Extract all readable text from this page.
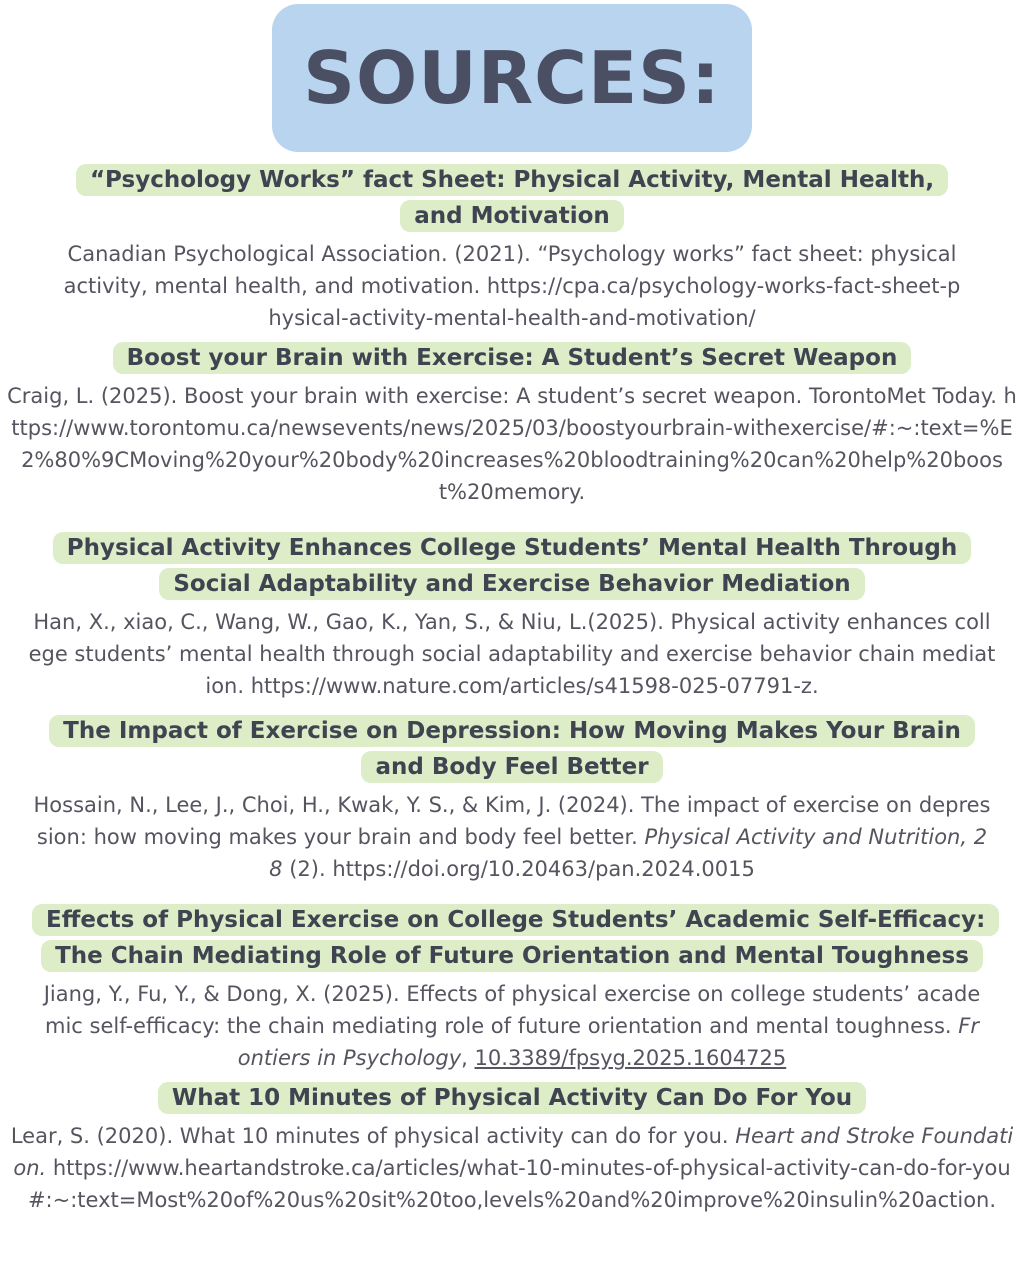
SOURCES:
“Psychology Works” fact Sheet: Physical Activity, Mental Health, and Motivation
Canadian Psychological Association. (2021). “Psychology works” fact sheet: physical activity, mental health, and motivation. https://cpa.ca/psychology-works-fact-sheet-physical-activity-mental-health-and-motivation/
Boost your Brain with Exercise: A Student’s Secret Weapon
Craig, L. (2025). Boost your brain with exercise: A student’s secret weapon. TorontoMet Today. https://www.torontomu.ca/newsevents/news/2025/03/boostyourbrain-withexercise/#:~:text=%E2%80%9CMoving%20your%20body%20increases%20bloodtraining%20can%20help%20boost%20memory.
Physical Activity Enhances College Students’ Mental Health Through Social Adaptability and Exercise Behavior Mediation
Han, X., xiao, C., Wang, W., Gao, K., Yan, S., & Niu, L.(2025). Physical activity enhances college students’ mental health through social adaptability and exercise behavior chain mediation. https://www.nature.com/articles/s41598-025-07791-z.
The Impact of Exercise on Depression: How Moving Makes Your Brain and Body Feel Better
Hossain, N., Lee, J., Choi, H., Kwak, Y. S., & Kim, J. (2024). The impact of exercise on depression: how moving makes your brain and body feel better. Physical Activity and Nutrition, 28 (2). https://doi.org/10.20463/pan.2024.0015
Effects of Physical Exercise on College Students’ Academic Self-Efficacy: The Chain Mediating Role of Future Orientation and Mental Toughness
Jiang, Y., Fu, Y., & Dong, X. (2025). Effects of physical exercise on college students’ academic self-efficacy: the chain mediating role of future orientation and mental toughness. Frontiers in Psychology, 10.3389/fpsyg.2025.1604725
What 10 Minutes of Physical Activity Can Do For You
Lear, S. (2020). What 10 minutes of physical activity can do for you. Heart and Stroke Foundation. https://www.heartandstroke.ca/articles/what-10-minutes-of-physical-activity-can-do-for-you#:~:text=Most%20of%20us%20sit%20too,levels%20and%20improve%20insulin%20action.
